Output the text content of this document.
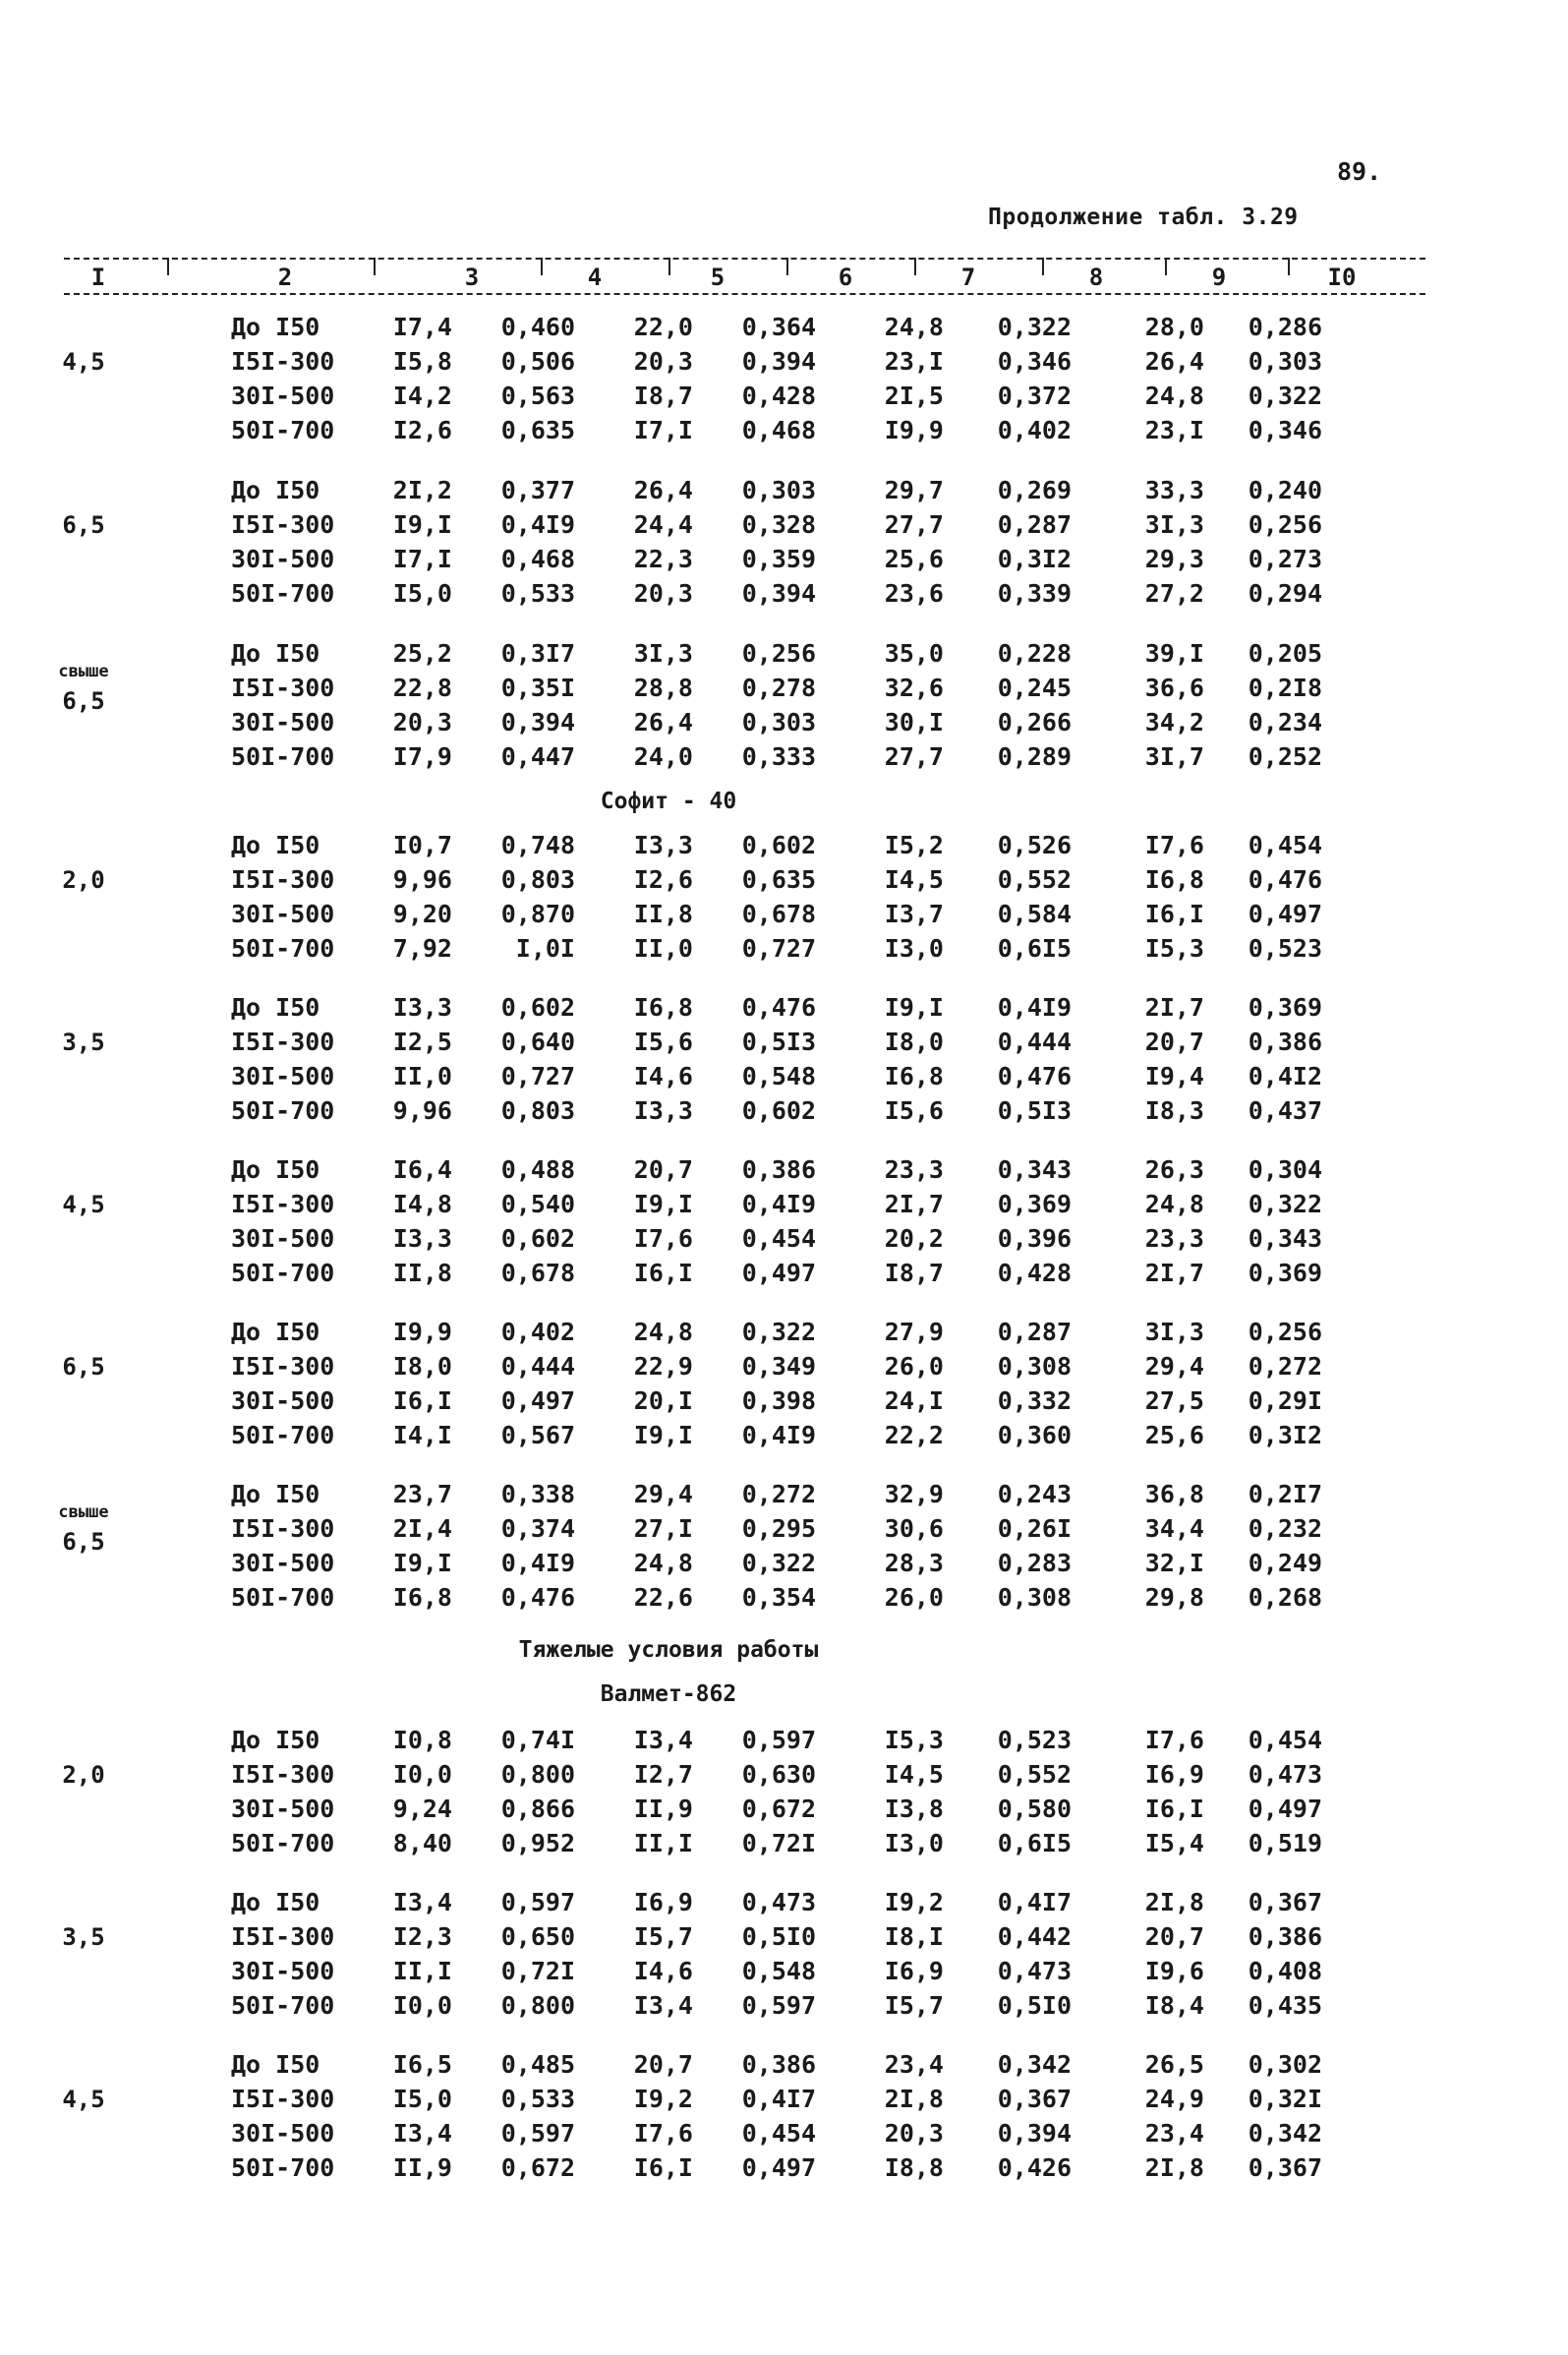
89.
Продолжение табл. 3.29
I	2	3	4	5	6	7	8	9	I0
4,5
До I50	I7,4 0,460 22,0 0,364	24,8 0,322	28,0 0,286
I5I-300 I5,8 0,506 20,3 0,394	23,I 0,346	26,4 0,303
30I-500 I4,2 0,563 I8,7 0,428	2I,5 0,372	24,8 0,322
50I-700 I2,6 0,635 I7,I 0,468	I9,9 0,402	23,I 0,346
6,5
До I50	2I,2 0,377 26,4 0,303	29,7 0,269	33,3 0,240
I5I-300 I9,I 0,4I9 24,4 0,328	27,7 0,287	3I,3 0,256
30I-500 I7,I 0,468 22,3 0,359	25,6 0,3I2	29,3 0,273
50I-700 I5,0 0,533 20,3 0,394	23,6 0,339	27,2 0,294
свыше
6,5
До I50	25,2 0,3I7 3I,3 0,256	35,0 0,228	39,I 0,205
I5I-300 22,8 0,35I 28,8 0,278	32,6 0,245	36,6 0,2I8
30I-500 20,3 0,394 26,4 0,303	30,I 0,266	34,2 0,234
50I-700 I7,9 0,447 24,0 0,333	27,7 0,289	3I,7 0,252
Софит - 40
2,0
До I50	I0,7 0,748 I3,3 0,602	I5,2 0,526	I7,6 0,454
I5I-300 9,96 0,803 I2,6 0,635	I4,5 0,552	I6,8 0,476
30I-500 9,20 0,870 II,8 0,678	I3,7 0,584	I6,I 0,497
50I-700 7,92	I,0I II,0 0,727	I3,0 0,6I5	I5,3 0,523
3,5
До I50	I3,3 0,602 I6,8 0,476	I9,I 0,4I9	2I,7 0,369
I5I-300 I2,5 0,640 I5,6 0,5I3	I8,0 0,444	20,7 0,386
30I-500 II,0 0,727 I4,6 0,548	I6,8 0,476	I9,4 0,4I2
50I-700 9,96 0,803 I3,3 0,602	I5,6 0,5I3	I8,3 0,437
4,5
До I50	I6,4 0,488 20,7 0,386	23,3 0,343	26,3 0,304
I5I-300 I4,8 0,540 I9,I 0,4I9	2I,7 0,369	24,8 0,322
30I-500 I3,3 0,602 I7,6 0,454	20,2 0,396	23,3 0,343
50I-700 II,8 0,678 I6,I 0,497	I8,7 0,428	2I,7 0,369
6,5
До I50	I9,9 0,402 24,8 0,322	27,9 0,287	3I,3 0,256
I5I-300 I8,0 0,444 22,9 0,349	26,0 0,308	29,4 0,272
30I-500 I6,I 0,497 20,I 0,398	24,I 0,332	27,5 0,29I
50I-700 I4,I 0,567 I9,I 0,4I9	22,2 0,360	25,6 0,3I2
свыше
6,5
До I50	23,7 0,338 29,4 0,272	32,9 0,243	36,8 0,2I7
I5I-300 2I,4 0,374 27,I 0,295	30,6 0,26I	34,4 0,232
30I-500 I9,I 0,4I9 24,8 0,322	28,3 0,283	32,I 0,249
50I-700 I6,8 0,476 22,6 0,354	26,0 0,308	29,8 0,268
Тяжелые условия работы
Валмет-862
2,0
До I50	I0,8 0,74I I3,4 0,597	I5,3 0,523	I7,6 0,454
I5I-300 I0,0 0,800 I2,7 0,630	I4,5 0,552	I6,9 0,473
30I-500 9,24 0,866 II,9 0,672	I3,8 0,580	I6,I 0,497
50I-700 8,40 0,952 II,I 0,72I	I3,0 0,6I5	I5,4 0,519
3,5
До I50	I3,4 0,597 I6,9 0,473	I9,2 0,4I7	2I,8 0,367
I5I-300 I2,3 0,650 I5,7 0,5I0	I8,I 0,442	20,7 0,386
30I-500 II,I 0,72I I4,6 0,548	I6,9 0,473	I9,6 0,408
50I-700 I0,0 0,800 I3,4 0,597	I5,7 0,5I0	I8,4 0,435
4,5
До I50	I6,5 0,485 20,7 0,386	23,4 0,342	26,5 0,302
I5I-300 I5,0 0,533 I9,2 0,4I7	2I,8 0,367	24,9 0,32I
30I-500 I3,4 0,597 I7,6 0,454	20,3 0,394	23,4 0,342
50I-700 II,9 0,672 I6,I 0,497	I8,8 0,426	2I,8 0,367
